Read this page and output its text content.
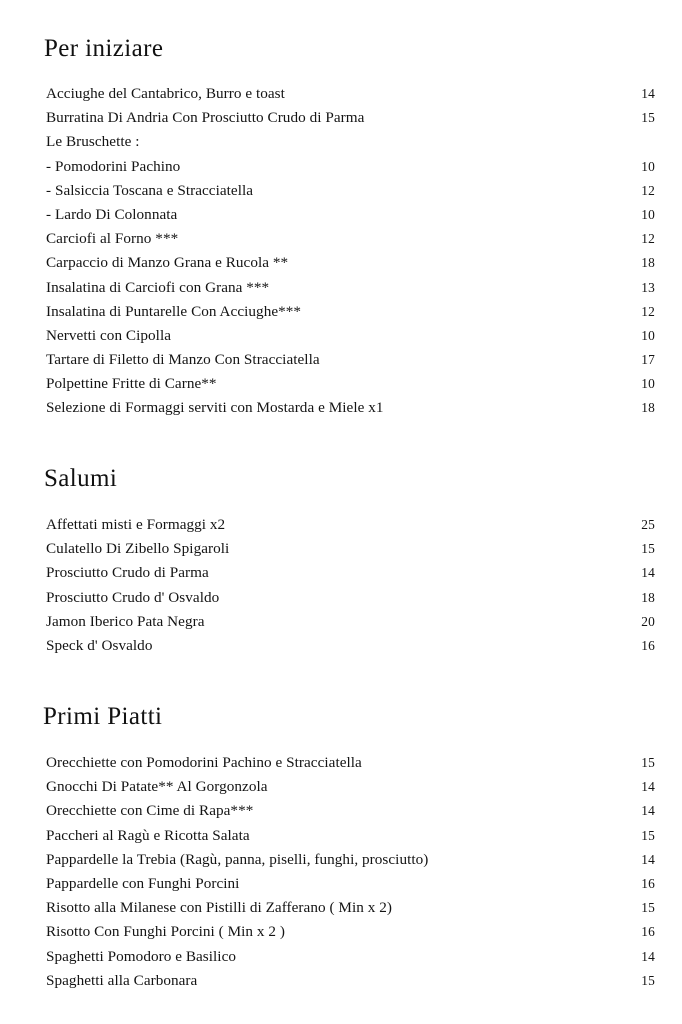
Per iniziare
Acciughe del Cantabrico, Burro e toast	14
Burratina Di Andria Con Prosciutto Crudo di Parma	15
Le Bruschette :
- Pomodorini Pachino	10
- Salsiccia Toscana e Stracciatella	12
- Lardo Di Colonnata	10
Carciofi al Forno ***	12
Carpaccio di Manzo Grana e Rucola **	18
Insalatina di Carciofi con Grana ***	13
Insalatina di Puntarelle Con Acciughe***	12
Nervetti con Cipolla	10
Tartare di Filetto di Manzo Con Stracciatella	17
Polpettine Fritte di Carne**	10
Selezione di Formaggi serviti con Mostarda e Miele x1	18
Salumi
Affettati misti e Formaggi x2	25
Culatello Di Zibello Spigaroli	15
Prosciutto Crudo di Parma	14
Prosciutto Crudo d' Osvaldo	18
Jamon Iberico Pata Negra	20
Speck d' Osvaldo	16
Primi Piatti
Orecchiette con Pomodorini Pachino e Stracciatella	15
Gnocchi Di Patate** Al Gorgonzola	14
Orecchiette con Cime di Rapa***	14
Paccheri al Ragù e Ricotta Salata	15
Pappardelle la Trebia (Ragù, panna, piselli, funghi, prosciutto)	14
Pappardelle con Funghi Porcini	16
Risotto alla Milanese con Pistilli di Zafferano ( Min x 2)	15
Risotto Con Funghi Porcini ( Min x 2 )	16
Spaghetti Pomodoro e Basilico	14
Spaghetti alla Carbonara	15
